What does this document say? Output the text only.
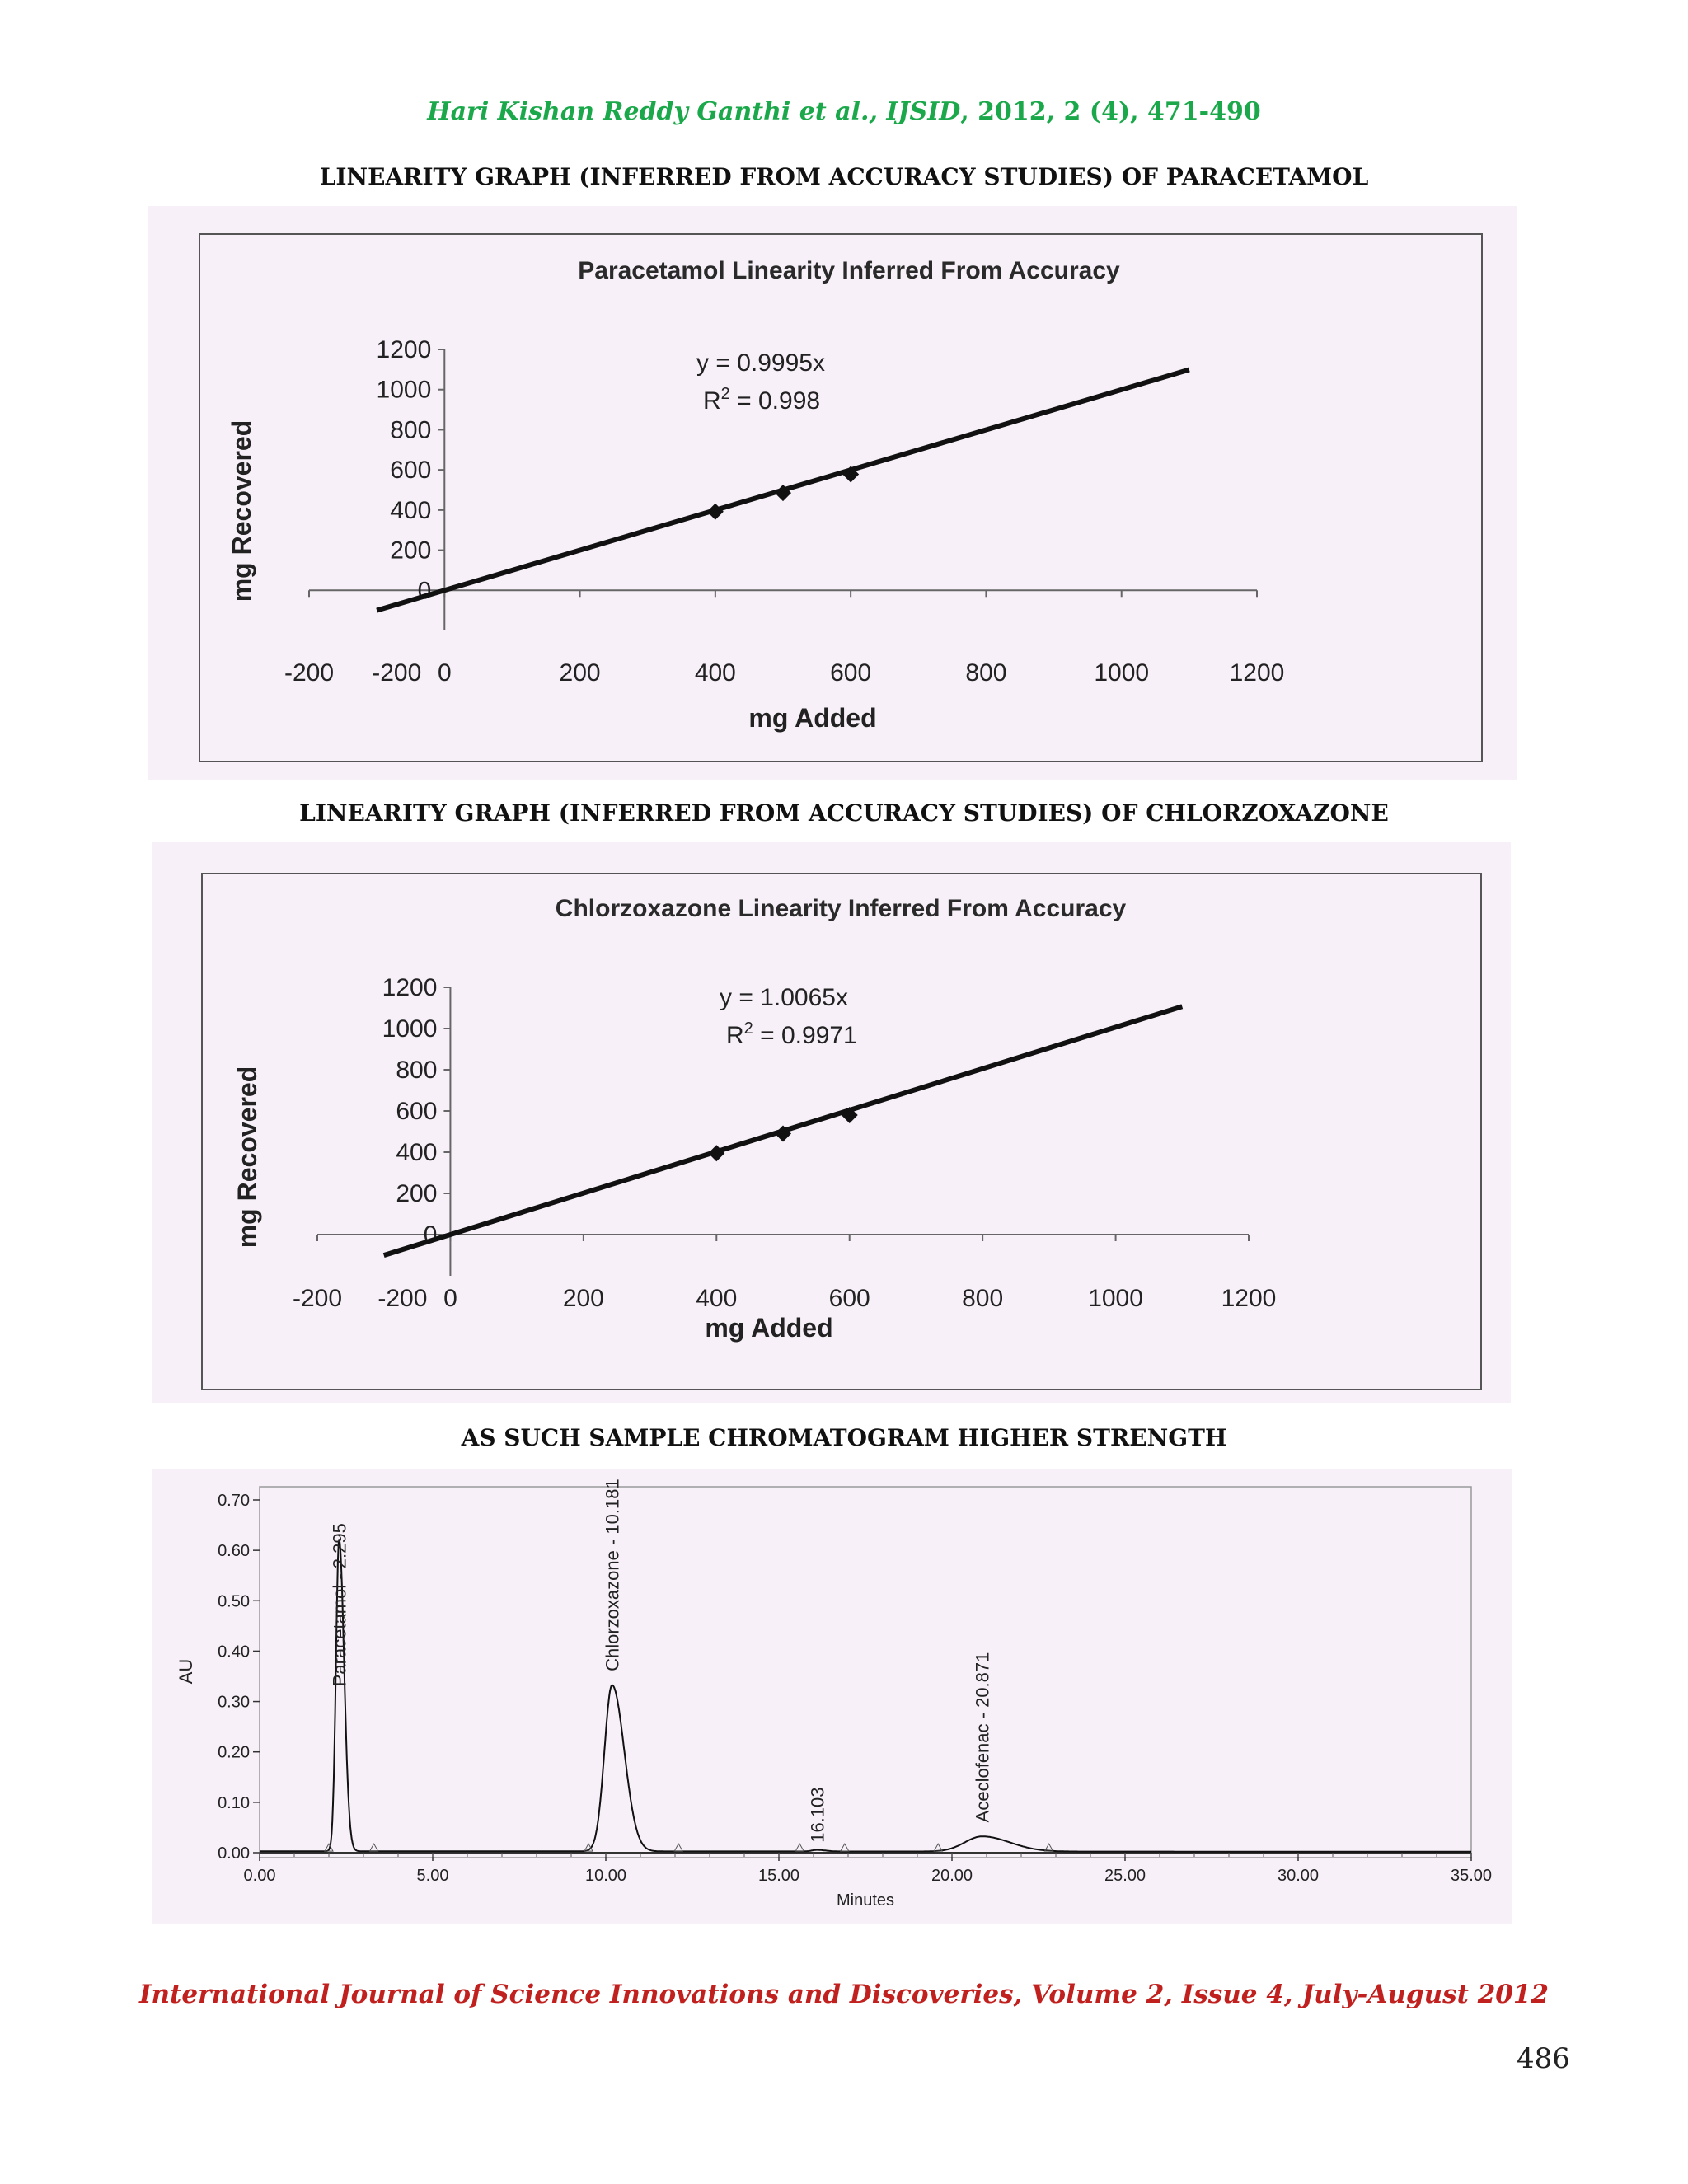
Hari Kishan Reddy Ganthi et al., IJSID, 2012, 2 (4), 471-490
LINEARITY GRAPH (INFERRED FROM ACCURACY STUDIES) OF PARACETAMOL
Paracetamol Linearity Inferred From Accuracy
-200	0	200	400	600	800	1000	1200
-200
0
200
400
600
800
1000
1200
mg Added
mg Recovered
y = 0.9995x
$R^2 = 0.998$
LINEARITY GRAPH (INFERRED FROM ACCURACY STUDIES) OF CHLORZOXAZONE
Chlorzoxazone Linearity Inferred From Accuracy
-200	0	200	400	600	800	1000	1200
-200
0
200
400
600
800
1000
1200
mg Added
mg Recovered
y = 1.0065x
$R^2 = 0.9971$
AS SUCH SAMPLE CHROMATOGRAM HIGHER STRENGTH
0.00
0.10
0.20
0.30
0.40
0.50
0.60
0.70
0.00	5.00	10.00	15.00	20.00	25.00	30.00	35.00
Minutes
AU	Paracetamol - 2.295	Chlorzoxazone - 10.181
16.103	Aceclofenac - 20.871
International Journal of Science Innovations and Discoveries, Volume 2, Issue 4, July-August 2012
486
